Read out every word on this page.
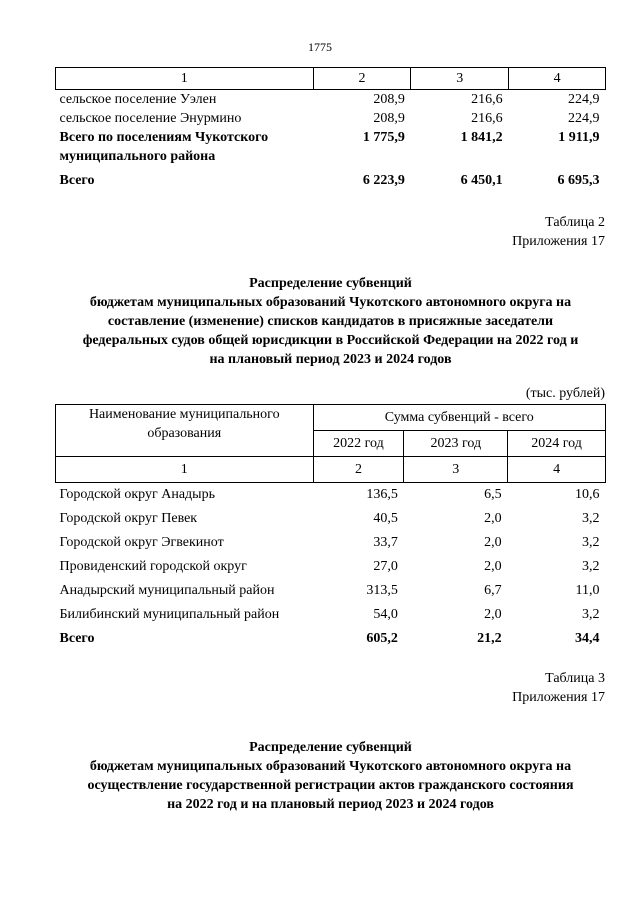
1775
1	2	3	4
сельское поселение Уэлен	208,9	216,6	224,9
сельское поселение Энурмино	208,9	216,6	224,9
Всего по поселениям Чукотского
муниципального района	1 775,9	1 841,2	1 911,9
Всего	6 223,9	6 450,1	6 695,3
Таблица 2
Приложения 17
Распределение субвенций
бюджетам муниципальных образований Чукотского автономного округа на
составление (изменение) списков кандидатов в присяжные заседатели
федеральных судов общей юрисдикции в Российской Федерации на 2022 год и
на плановый период 2023 и 2024 годов
(тыс. рублей)
Наименование муниципального
образования	Сумма субвенций - всего		
	2022 год	2023 год	2024 год
1	2	3	4
Городской округ Анадырь	136,5	6,5	10,6
Городской округ Певек	40,5	2,0	3,2
Городской округ Эгвекинот	33,7	2,0	3,2
Провиденский городской округ	27,0	2,0	3,2
Анадырский муниципальный район	313,5	6,7	11,0
Билибинский муниципальный район	54,0	2,0	3,2
Всего	605,2	21,2	34,4
Таблица 3
Приложения 17
Распределение субвенций
бюджетам муниципальных образований Чукотского автономного округа на
осуществление государственной регистрации актов гражданского состояния
на 2022 год и на плановый период 2023 и 2024 годов
